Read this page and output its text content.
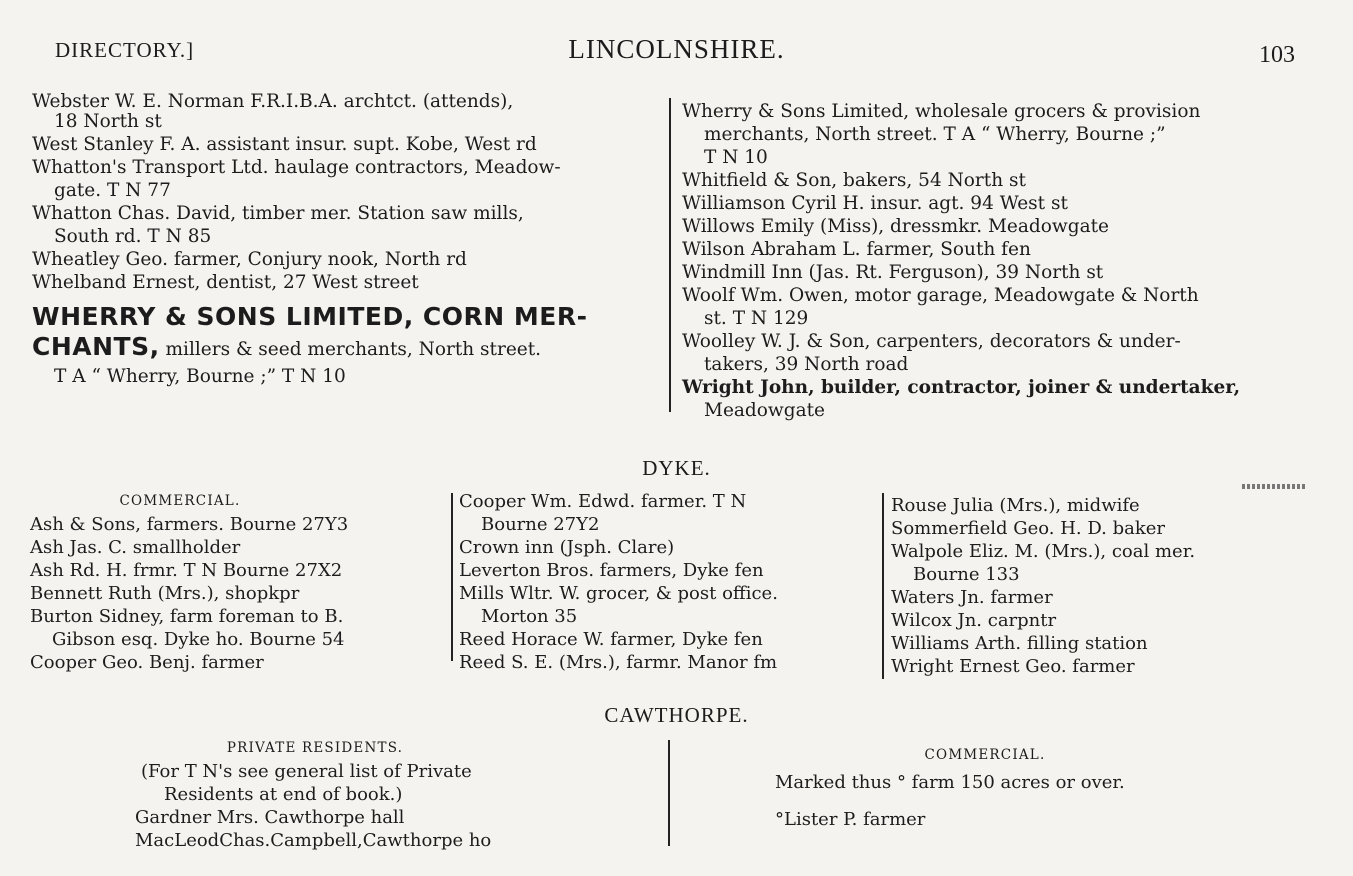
DIRECTORY.]	LINCOLNSHIRE.	103
Webster W. E. Norman F.R.I.B.A. archtct. (attends),
18 North st
West Stanley F. A. assistant insur. supt. Kobe, West rd
Whatton's Transport Ltd. haulage contractors, Meadow-
gate. T N 77
Whatton Chas. David, timber mer. Station saw mills,
South rd. T N 85
Wheatley Geo. farmer, Conjury nook, North rd
Whelband Ernest, dentist, 27 West street
WHERRY & SONS LIMITED, CORN MER-
CHANTS, millers & seed merchants, North street.
T A “ Wherry, Bourne ;” T N 10
Wherry & Sons Limited, wholesale grocers & provision
merchants, North street. T A “ Wherry, Bourne ;”
T N 10
Whitfield & Son, bakers, 54 North st
Williamson Cyril H. insur. agt. 94 West st
Willows Emily (Miss), dressmkr. Meadowgate
Wilson Abraham L. farmer, South fen
Windmill Inn (Jas. Rt. Ferguson), 39 North st
Woolf Wm. Owen, motor garage, Meadowgate & North
st. T N 129
Woolley W. J. & Son, carpenters, decorators & under-
takers, 39 North road
Wright John, builder, contractor, joiner & undertaker,
Meadowgate
DYKE.
COMMERCIAL.
Ash & Sons, farmers. Bourne 27Y3
Ash Jas. C. smallholder
Ash Rd. H. frmr. T N Bourne 27X2
Bennett Ruth (Mrs.), shopkpr
Burton Sidney, farm foreman to B.
Gibson esq. Dyke ho. Bourne 54
Cooper Geo. Benj. farmer
Cooper Wm. Edwd. farmer. T N
Bourne 27Y2
Crown inn (Jsph. Clare)
Leverton Bros. farmers, Dyke fen
Mills Wltr. W. grocer, & post office.
Morton 35
Reed Horace W. farmer, Dyke fen
Reed S. E. (Mrs.), farmr. Manor fm
Rouse Julia (Mrs.), midwife
Sommerfield Geo. H. D. baker
Walpole Eliz. M. (Mrs.), coal mer.
Bourne 133
Waters Jn. farmer
Wilcox Jn. carpntr
Williams Arth. filling station
Wright Ernest Geo. farmer
CAWTHORPE.
PRIVATE RESIDENTS.
(For T N's see general list of Private
Residents at end of book.)
Gardner Mrs. Cawthorpe hall
MacLeodChas.Campbell,Cawthorpe ho
COMMERCIAL.
Marked thus ° farm 150 acres or over.
°Lister P. farmer
